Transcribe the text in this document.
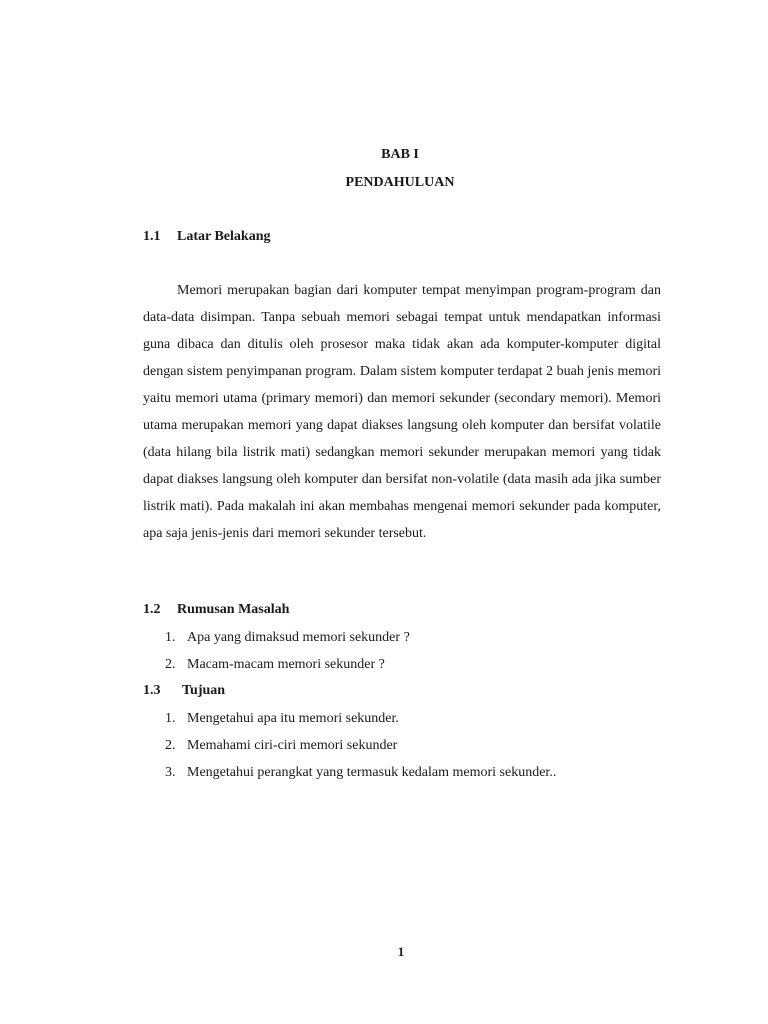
BAB I
PENDAHULUAN
1.1 Latar Belakang

Memori merupakan bagian dari komputer tempat menyimpan program-program dan data-data disimpan. Tanpa sebuah memori sebagai tempat untuk mendapatkan informasi guna dibaca dan ditulis oleh prosesor maka tidak akan ada komputer-komputer digital dengan sistem penyimpanan program. Dalam sistem komputer terdapat 2 buah jenis memori yaitu memori utama (primary memori) dan memori sekunder (secondary memori). Memori utama merupakan memori yang dapat diakses langsung oleh komputer dan bersifat volatile (data hilang bila listrik mati) sedangkan memori sekunder merupakan memori yang tidak dapat diakses langsung oleh komputer dan bersifat non-volatile (data masih ada jika sumber listrik mati). Pada makalah ini akan membahas mengenai memori sekunder pada komputer, apa saja jenis-jenis dari memori sekunder tersebut.

1.2 Rumusan Masalah
1. Apa yang dimaksud memori sekunder ?
2. Macam-macam memori sekunder ?
1.3 Tujuan
1. Mengetahui apa itu memori sekunder.
2. Memahami ciri-ciri memori sekunder
3. Mengetahui perangkat yang termasuk kedalam memori sekunder..
1
